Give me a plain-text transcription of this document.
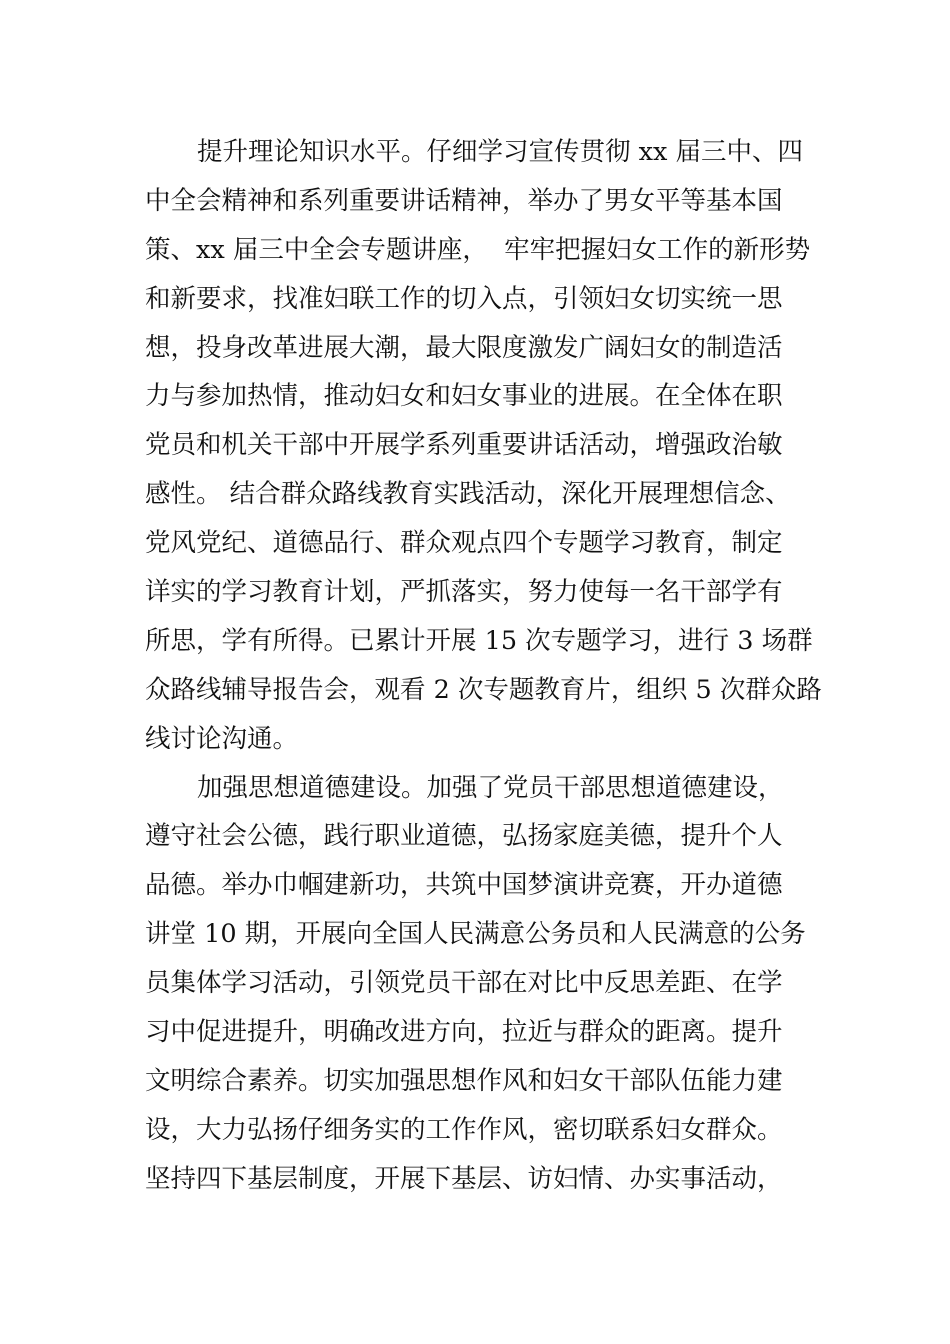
提升理论知识水平。仔细学习宣传贯彻 xx 届三中、四
中全会精神和系列重要讲话精神，举办了男女平等基本国
策、xx 届三中全会专题讲座，  牢牢把握妇女工作的新形势
和新要求，找准妇联工作的切入点，引领妇女切实统一思
想，投身改革进展大潮，最大限度激发广阔妇女的制造活
力与参加热情，推动妇女和妇女事业的进展。在全体在职
党员和机关干部中开展学系列重要讲话活动，增强政治敏
感性。 结合群众路线教育实践活动，深化开展理想信念、
党风党纪、道德品行、群众观点四个专题学习教育，制定
详实的学习教育计划，严抓落实，努力使每一名干部学有
所思，学有所得。已累计开展 15 次专题学习，进行 3 场群
众路线辅导报告会，观看 2 次专题教育片，组织 5 次群众路
线讨论沟通。
加强思想道德建设。加强了党员干部思想道德建设，
遵守社会公德，践行职业道德，弘扬家庭美德，提升个人
品德。举办巾帼建新功，共筑中国梦演讲竞赛，开办道德
讲堂 10 期，开展向全国人民满意公务员和人民满意的公务
员集体学习活动，引领党员干部在对比中反思差距、在学
习中促进提升，明确改进方向，拉近与群众的距离。提升
文明综合素养。切实加强思想作风和妇女干部队伍能力建
设，大力弘扬仔细务实的工作作风，密切联系妇女群众。
坚持四下基层制度，开展下基层、访妇情、办实事活动，
